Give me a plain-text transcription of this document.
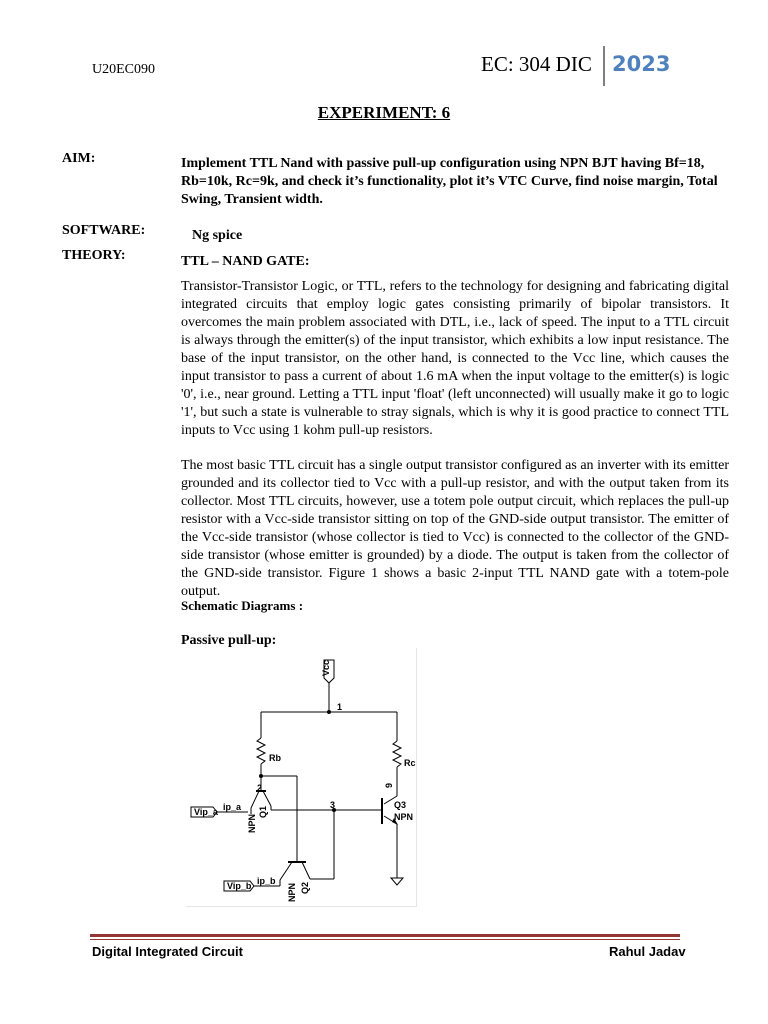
U20EC090	EC: 304 DIC 2023
EXPERIMENT: 6
AIM:	Implement TTL Nand with passive pull-up configuration using NPN BJT having Bf=18, Rb=10k, Rc=9k, and check it’s functionality, plot it’s VTC Curve, find noise margin, Total Swing, Transient width.
SOFTWARE:	Ng spice
THEORY:	TTL – NAND GATE:
Transistor-Transistor Logic, or TTL, refers to the technology for designing and fabricating digital integrated circuits that employ logic gates consisting primarily of bipolar transistors. It overcomes the main problem associated with DTL, i.e., lack of speed. The input to a TTL circuit is always through the emitter(s) of the input transistor, which exhibits a low input resistance. The base of the input transistor, on the other hand, is connected to the Vcc line, which causes the input transistor to pass a current of about 1.6 mA when the input voltage to the emitter(s) is logic '0', i.e., near ground. Letting a TTL input 'float' (left unconnected) will usually make it go to logic '1', but such a state is vulnerable to stray signals, which is why it is good practice to connect TTL inputs to Vcc using 1 kohm pull-up resistors.
The most basic TTL circuit has a single output transistor configured as an inverter with its emitter grounded and its collector tied to Vcc with a pull-up resistor, and with the output taken from its collector. Most TTL circuits, however, use a totem pole output circuit, which replaces the pull-up resistor with a Vcc-side transistor sitting on top of the GND-side output transistor. The emitter of the Vcc-side transistor (whose collector is tied to Vcc) is connected to the collector of the GND-side transistor (whose emitter is grounded) by a diode. The output is taken from the collector of the GND-side transistor. Figure 1 shows a basic 2-input TTL NAND gate with a totem-pole output.
Schematic Diagrams :
Passive pull-up:
Vcc
1
Rb	Rc
9
2
3
ip_a
Vip_a
NPN
Q1
Q3
NPN
ip_b
Vip_b	NPN Q2
Digital Integrated Circuit	Rahul Jadav
